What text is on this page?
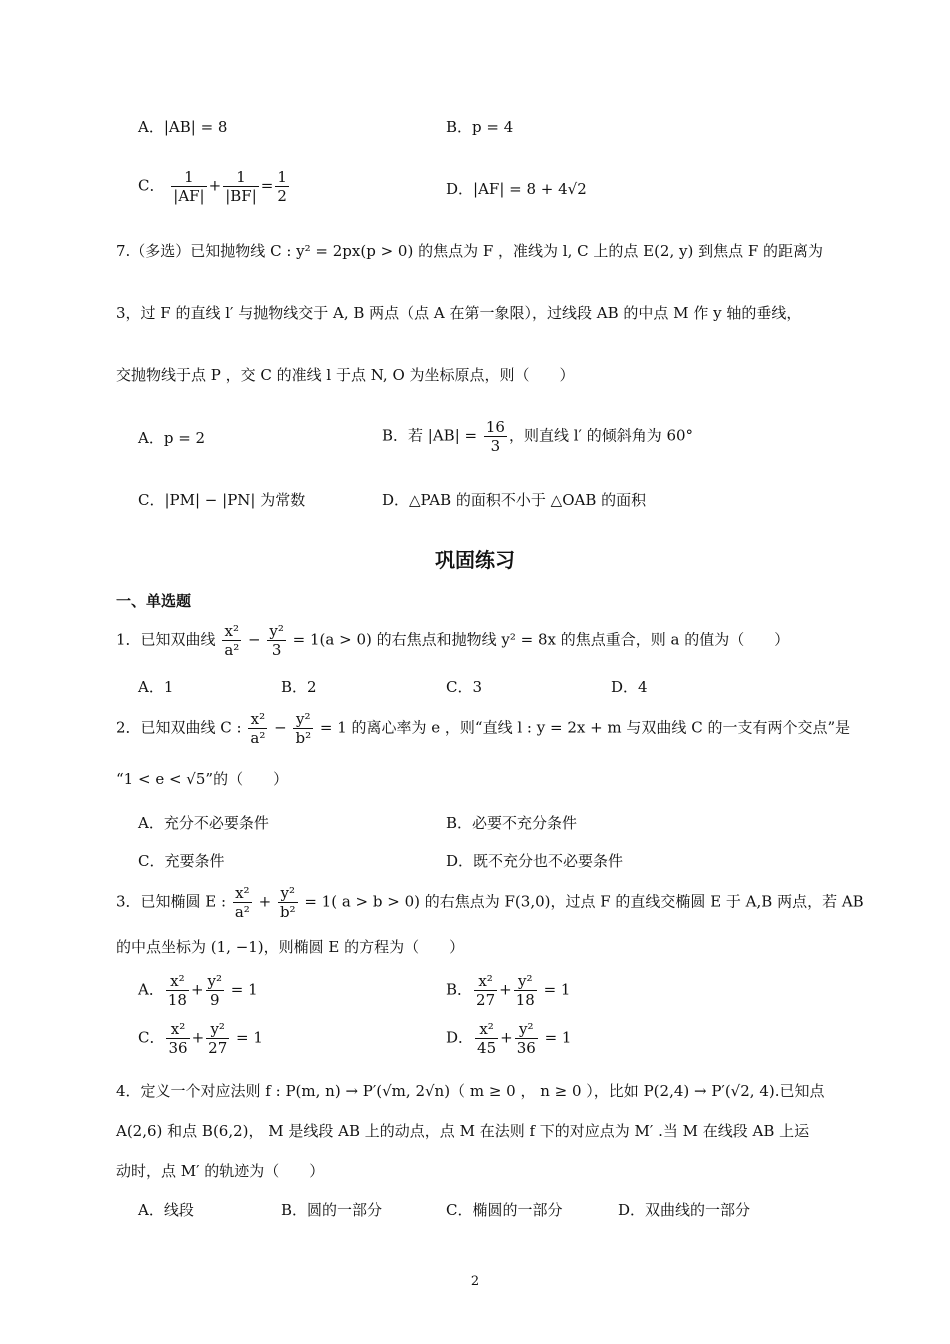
A．|AB| = 8	B．p = 4
C． $\frac{1}{|AF|} + \frac{1}{|BF|} = \frac{1}{2}$	D．|AF| = 8 + 4√2
7.（多选）已知抛物线 C : y² = 2px(p > 0) 的焦点为 F ，准线为 l, C 上的点 E(2, y) 到焦点 F 的距离为
3，过 F 的直线 l′ 与抛物线交于 A, B 两点（点 A 在第一象限），过线段 AB 的中点 M 作 y 轴的垂线，
交抛物线于点 P ，交 C 的准线 l 于点 N, O 为坐标原点，则（　　）
A．p = 2	B．若 $|AB| = \frac{16}{3}$ ，则直线 l′ 的倾斜角为 60°
C．|PM| − |PN| 为常数	D．△PAB 的面积不小于 △OAB 的面积
巩固练习
一、单选题
1．已知双曲线 $\frac{\text{x²}}{\text{a²}} - \frac{\text{y²}}{3} = 1(a > 0)$ 的右焦点和抛物线 y² = 8x 的焦点重合，则 a 的值为（　　）
A．1	B．2	C．3	D．4
2．已知双曲线 C : $\frac{\text{x²}}{\text{a²}} - \frac{\text{y²}}{\text{b²}} = 1$ 的离心率为 e ，则“直线 l : y = 2x + m 与双曲线 C 的一支有两个交点”是
“1 < e < √5”的（　　）
A．充分不必要条件	B．必要不充分条件
C．充要条件	D．既不充分也不必要条件
3．已知椭圆 E : $\frac{\text{x²}}{\text{a²}} + \frac{\text{y²}}{\text{b²}} = 1$( a > b > 0) 的右焦点为 F(3,0)，过点 F 的直线交椭圆 E 于 A,B 两点，若 AB
的中点坐标为 (1, −1)，则椭圆 E 的方程为（　　）
A． $\frac{\text{x²}}{18} + \frac{\text{y²}}{9} = 1$	B． $\frac{\text{x²}}{27} + \frac{\text{y²}}{18} = 1$
C． $\frac{\text{x²}}{36} + \frac{\text{y²}}{27} = 1$	D． $\frac{\text{x²}}{45} + \frac{\text{y²}}{36} = 1$
4．定义一个对应法则 f : P(m, n) → P′(√m, 2√n)（ m ≥ 0 ， n ≥ 0 ），比如 P(2,4) → P′(√2, 4).已知点
A(2,6) 和点 B(6,2)， M 是线段 AB 上的动点，点 M 在法则 f 下的对应点为 M′ .当 M 在线段 AB 上运
动时，点 M′ 的轨迹为（　　）
A．线段	B．圆的一部分	C．椭圆的一部分	D．双曲线的一部分
2
